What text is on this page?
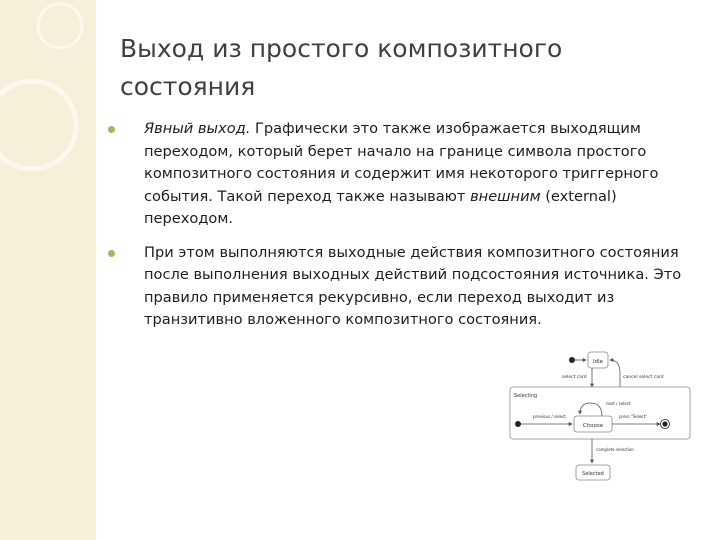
Выход из простого композитного
состояния
Явный выход. Графически это также изображается выходящим переходом, который берет начало на границе символа простого композитного состояния и содержит имя некоторого триггерного события. Такой переход также называют внешним (external) переходом.
При этом выполняются выходные действия композитного состояния после выполнения выходных действий подсостояния источника. Это правило применяется рекурсивно, если переход выходит из транзитивно вложенного композитного состояния.
Idle
select card	cancel select card
Selecting
previous / select
Choose
next / select
press "Select"
complete selection
Selected
